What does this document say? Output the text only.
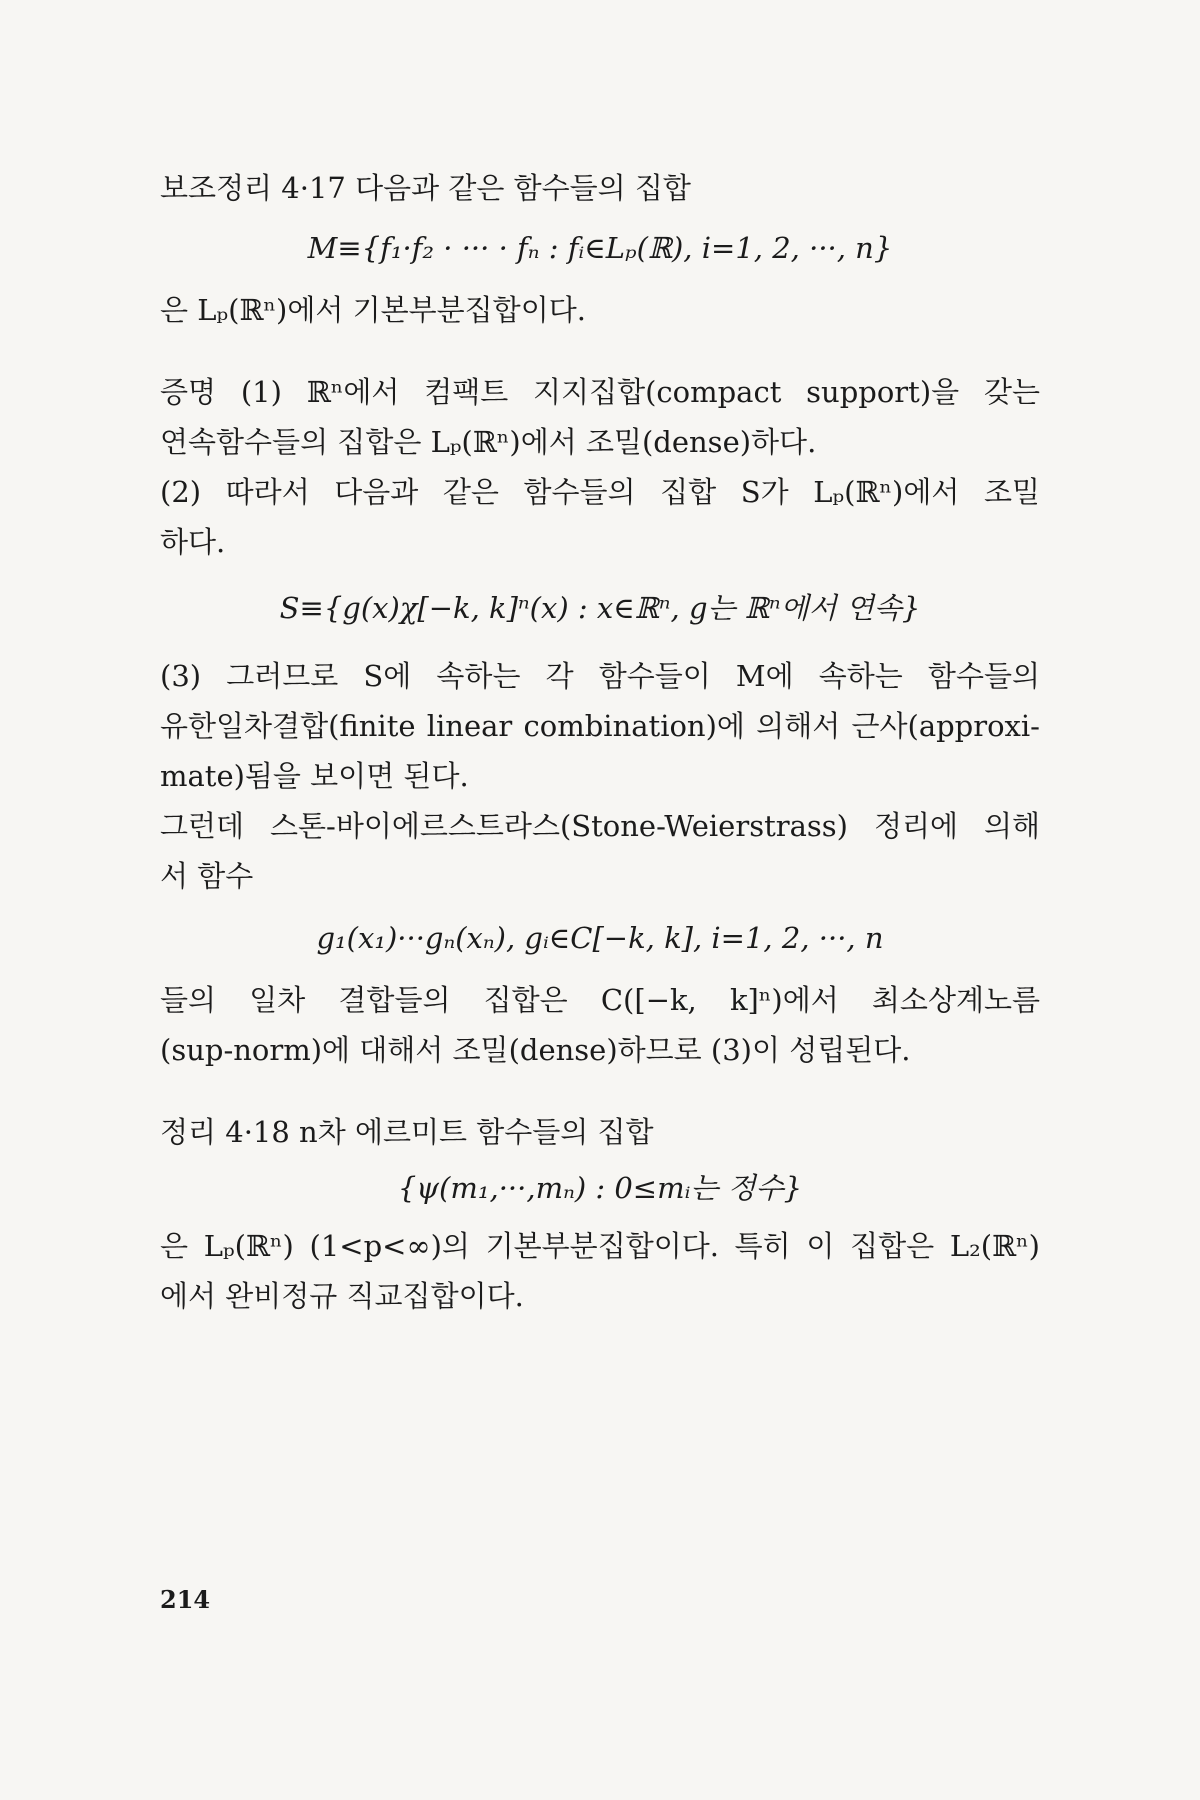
보조정리 4·17 다음과 같은 함수들의 집합
M≡{f₁·f₂ · ··· · fₙ : fᵢ∈Lₚ(ℝ), i=1, 2, ···, n}
은 Lₚ(ℝⁿ)에서 기본부분집합이다.
증명 (1) ℝⁿ에서 컴팩트 지지집합(compact support)을 갖는
연속함수들의 집합은 Lₚ(ℝⁿ)에서 조밀(dense)하다.
(2) 따라서 다음과 같은 함수들의 집합 S가 Lₚ(ℝⁿ)에서 조밀
하다.
S≡{g(x)χ[−k, k]ⁿ(x) : x∈ℝⁿ, g는 ℝⁿ에서 연속}
(3) 그러므로 S에 속하는 각 함수들이 M에 속하는 함수들의
유한일차결합(finite linear combination)에 의해서 근사(approxi-
mate)됨을 보이면 된다.
그런데 스톤-바이에르스트라스(Stone-Weierstrass) 정리에 의해
서 함수
g₁(x₁)···gₙ(xₙ), gᵢ∈C[−k, k], i=1, 2, ···, n
들의 일차 결합들의 집합은 C([−k, k]ⁿ)에서 최소상계노름
(sup-norm)에 대해서 조밀(dense)하므로 (3)이 성립된다.
정리 4·18 n차 에르미트 함수들의 집합
{ψ(m₁,···,mₙ) : 0≤mᵢ는 정수}
은 Lₚ(ℝⁿ) (1<p<∞)의 기본부분집합이다. 특히 이 집합은 L₂(ℝⁿ)
에서 완비정규 직교집합이다.
214
